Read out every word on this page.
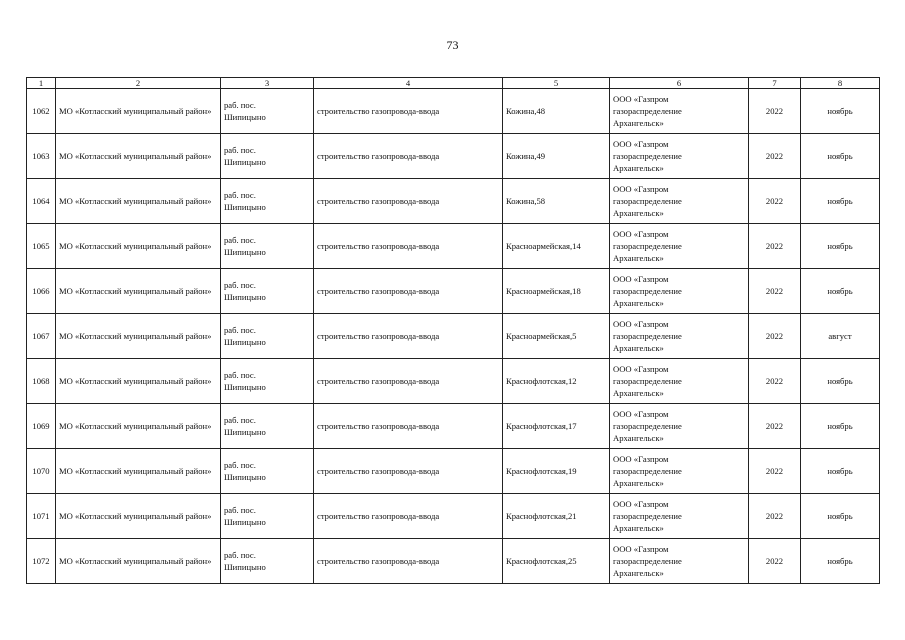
73
1	2	3	4	5	6	7	8
1062	МО «Котласский муниципальный район»	раб. пос.
Шипицыно	строительство газопровода-ввода	Кожина,48	ООО «Газпром
газораспределение
Архангельск»	2022	ноябрь
1063	МО «Котласский муниципальный район»	раб. пос.
Шипицыно	строительство газопровода-ввода	Кожина,49	ООО «Газпром
газораспределение
Архангельск»	2022	ноябрь
1064	МО «Котласский муниципальный район»	раб. пос.
Шипицыно	строительство газопровода-ввода	Кожина,58	ООО «Газпром
газораспределение
Архангельск»	2022	ноябрь
1065	МО «Котласский муниципальный район»	раб. пос.
Шипицыно	строительство газопровода-ввода	Красноармейская,14	ООО «Газпром
газораспределение
Архангельск»	2022	ноябрь
1066	МО «Котласский муниципальный район»	раб. пос.
Шипицыно	строительство газопровода-ввода	Красноармейская,18	ООО «Газпром
газораспределение
Архангельск»	2022	ноябрь
1067	МО «Котласский муниципальный район»	раб. пос.
Шипицыно	строительство газопровода-ввода	Красноармейская,5	ООО «Газпром
газораспределение
Архангельск»	2022	август
1068	МО «Котласский муниципальный район»	раб. пос.
Шипицыно	строительство газопровода-ввода	Краснофлотская,12	ООО «Газпром
газораспределение
Архангельск»	2022	ноябрь
1069	МО «Котласский муниципальный район»	раб. пос.
Шипицыно	строительство газопровода-ввода	Краснофлотская,17	ООО «Газпром
газораспределение
Архангельск»	2022	ноябрь
1070	МО «Котласский муниципальный район»	раб. пос.
Шипицыно	строительство газопровода-ввода	Краснофлотская,19	ООО «Газпром
газораспределение
Архангельск»	2022	ноябрь
1071	МО «Котласский муниципальный район»	раб. пос.
Шипицыно	строительство газопровода-ввода	Краснофлотская,21	ООО «Газпром
газораспределение
Архангельск»	2022	ноябрь
1072	МО «Котласский муниципальный район»	раб. пос.
Шипицыно	строительство газопровода-ввода	Краснофлотская,25	ООО «Газпром
газораспределение
Архангельск»	2022	ноябрь
